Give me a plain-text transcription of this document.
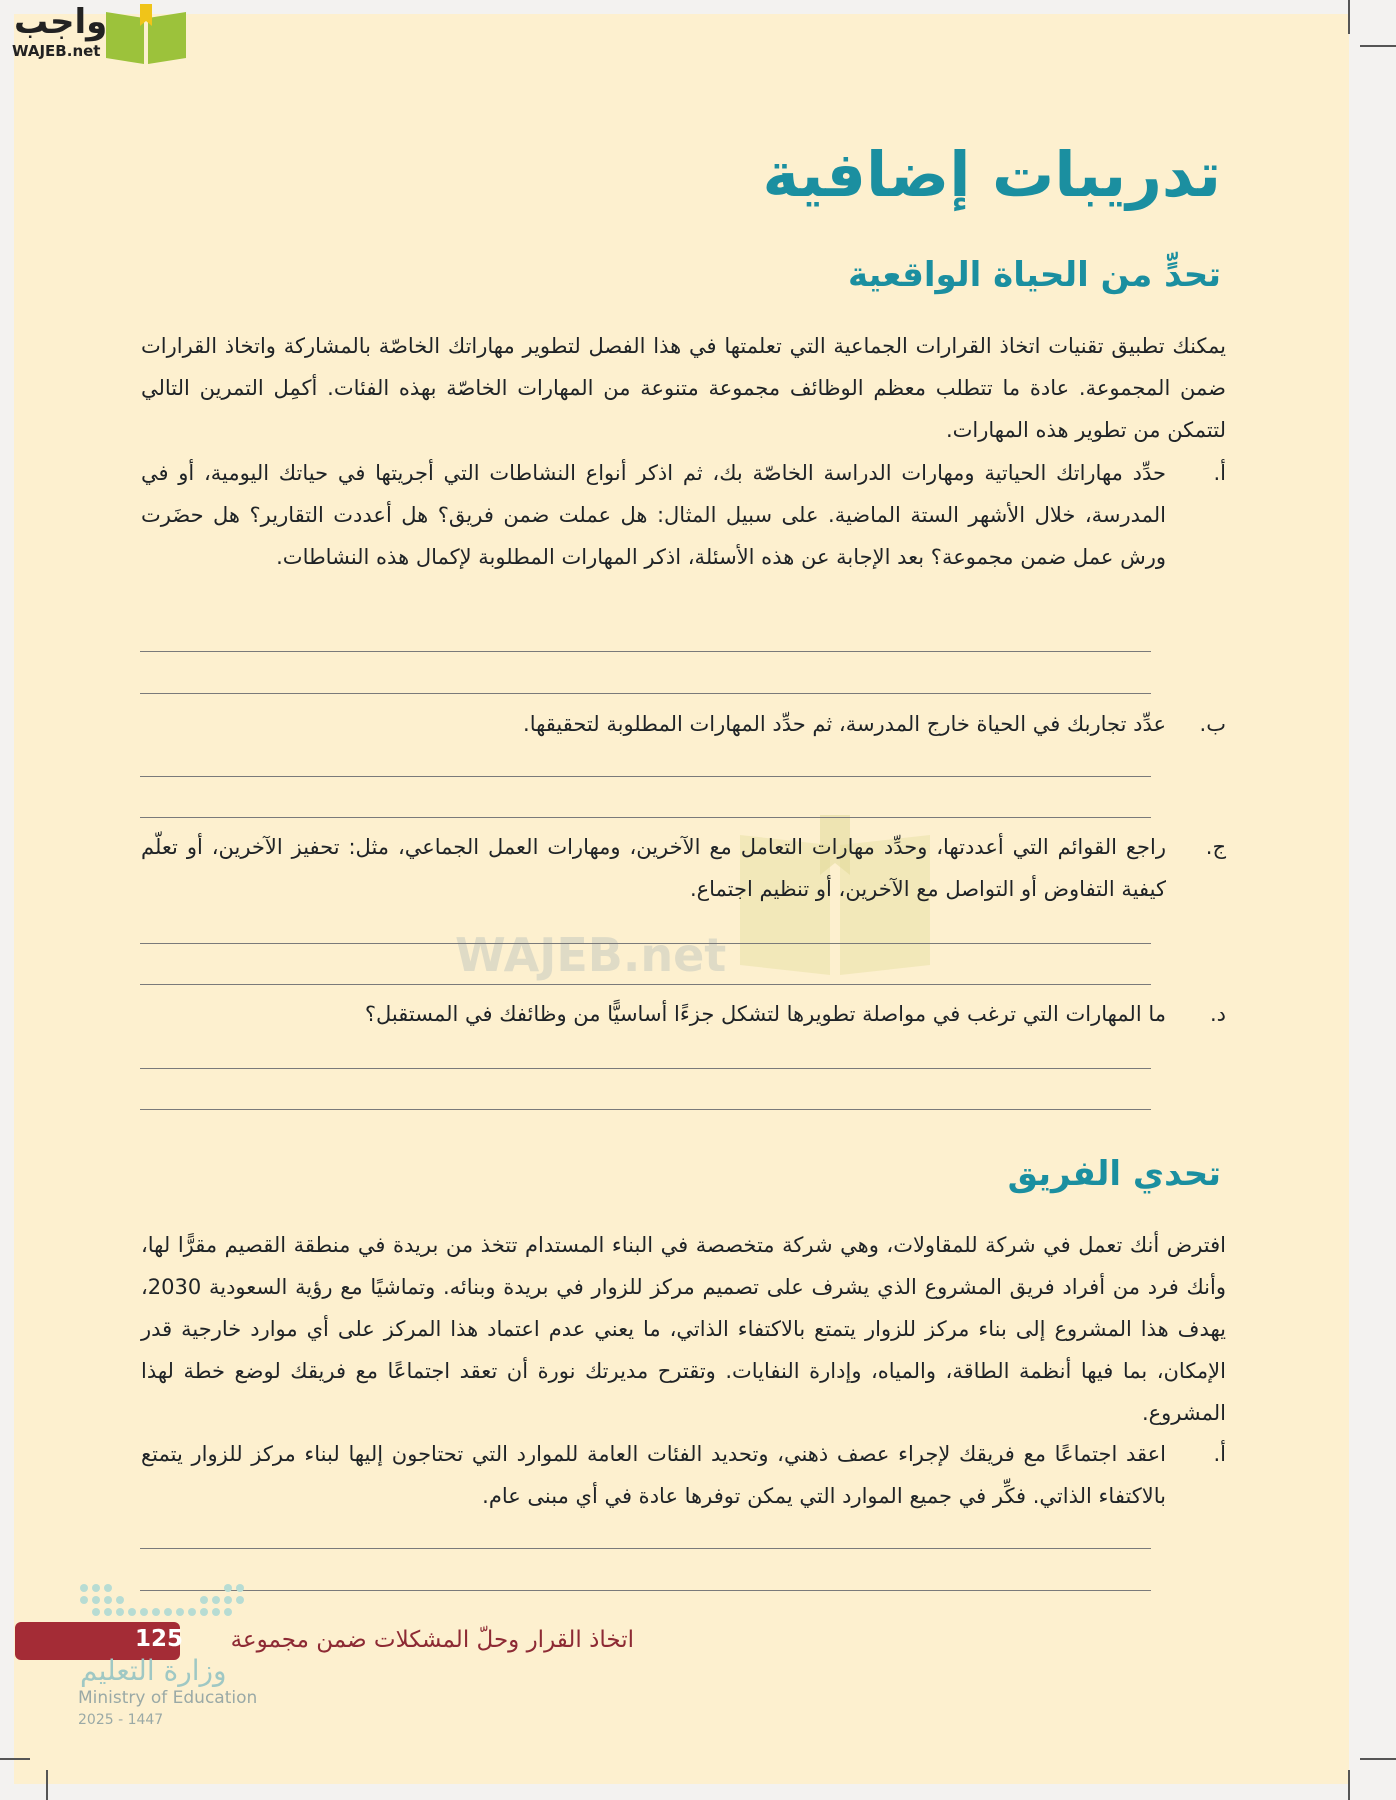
WAJEB.net
واجب
WAJEB.net
تدريبات إضافية
تحدٍّ من الحياة الواقعية
يمكنك تطبيق تقنيات اتخاذ القرارات الجماعية التي تعلمتها في هذا الفصل لتطوير مهاراتك الخاصّة بالمشاركة واتخاذ القرارات ضمن المجموعة. عادة ما تتطلب معظم الوظائف مجموعة متنوعة من المهارات الخاصّة بهذه الفئات. أكمِل التمرين التالي لتتمكن من تطوير هذه المهارات.
أ.
حدِّد مهاراتك الحياتية ومهارات الدراسة الخاصّة بك، ثم اذكر أنواع النشاطات التي أجريتها في حياتك اليومية، أو في المدرسة، خلال الأشهر الستة الماضية. على سبيل المثال: هل عملت ضمن فريق؟ هل أعددت التقارير؟ هل حضَرت ورش عمل ضمن مجموعة؟ بعد الإجابة عن هذه الأسئلة، اذكر المهارات المطلوبة لإكمال هذه النشاطات.
ب.
عدِّد تجاربك في الحياة خارج المدرسة، ثم حدِّد المهارات المطلوبة لتحقيقها.
ج.
راجع القوائم التي أعددتها، وحدِّد مهارات التعامل مع الآخرين، ومهارات العمل الجماعي، مثل: تحفيز الآخرين، أو تعلّم كيفية التفاوض أو التواصل مع الآخرين، أو تنظيم اجتماع.
د.
ما المهارات التي ترغب في مواصلة تطويرها لتشكل جزءًا أساسيًّا من وظائفك في المستقبل؟
تحدي الفريق
افترض أنك تعمل في شركة للمقاولات، وهي شركة متخصصة في البناء المستدام تتخذ من بريدة في منطقة القصيم مقرًّا لها، وأنك فرد من أفراد فريق المشروع الذي يشرف على تصميم مركز للزوار في بريدة وبنائه. وتماشيًا مع رؤية السعودية 2030، يهدف هذا المشروع إلى بناء مركز للزوار يتمتع بالاكتفاء الذاتي، ما يعني عدم اعتماد هذا المركز على أي موارد خارجية قدر الإمكان، بما فيها أنظمة الطاقة، والمياه، وإدارة النفايات. وتقترح مديرتك نورة أن تعقد اجتماعًا مع فريقك لوضع خطة لهذا المشروع.
أ.
اعقد اجتماعًا مع فريقك لإجراء عصف ذهني، وتحديد الفئات العامة للموارد التي تحتاجون إليها لبناء مركز للزوار يتمتع بالاكتفاء الذاتي. فكِّر في جميع الموارد التي يمكن توفرها عادة في أي مبنى عام.
125 اتخاذ القرار وحلّ المشكلات ضمن مجموعة
وزارة التعليم
Ministry of Education
2025 - 1447
